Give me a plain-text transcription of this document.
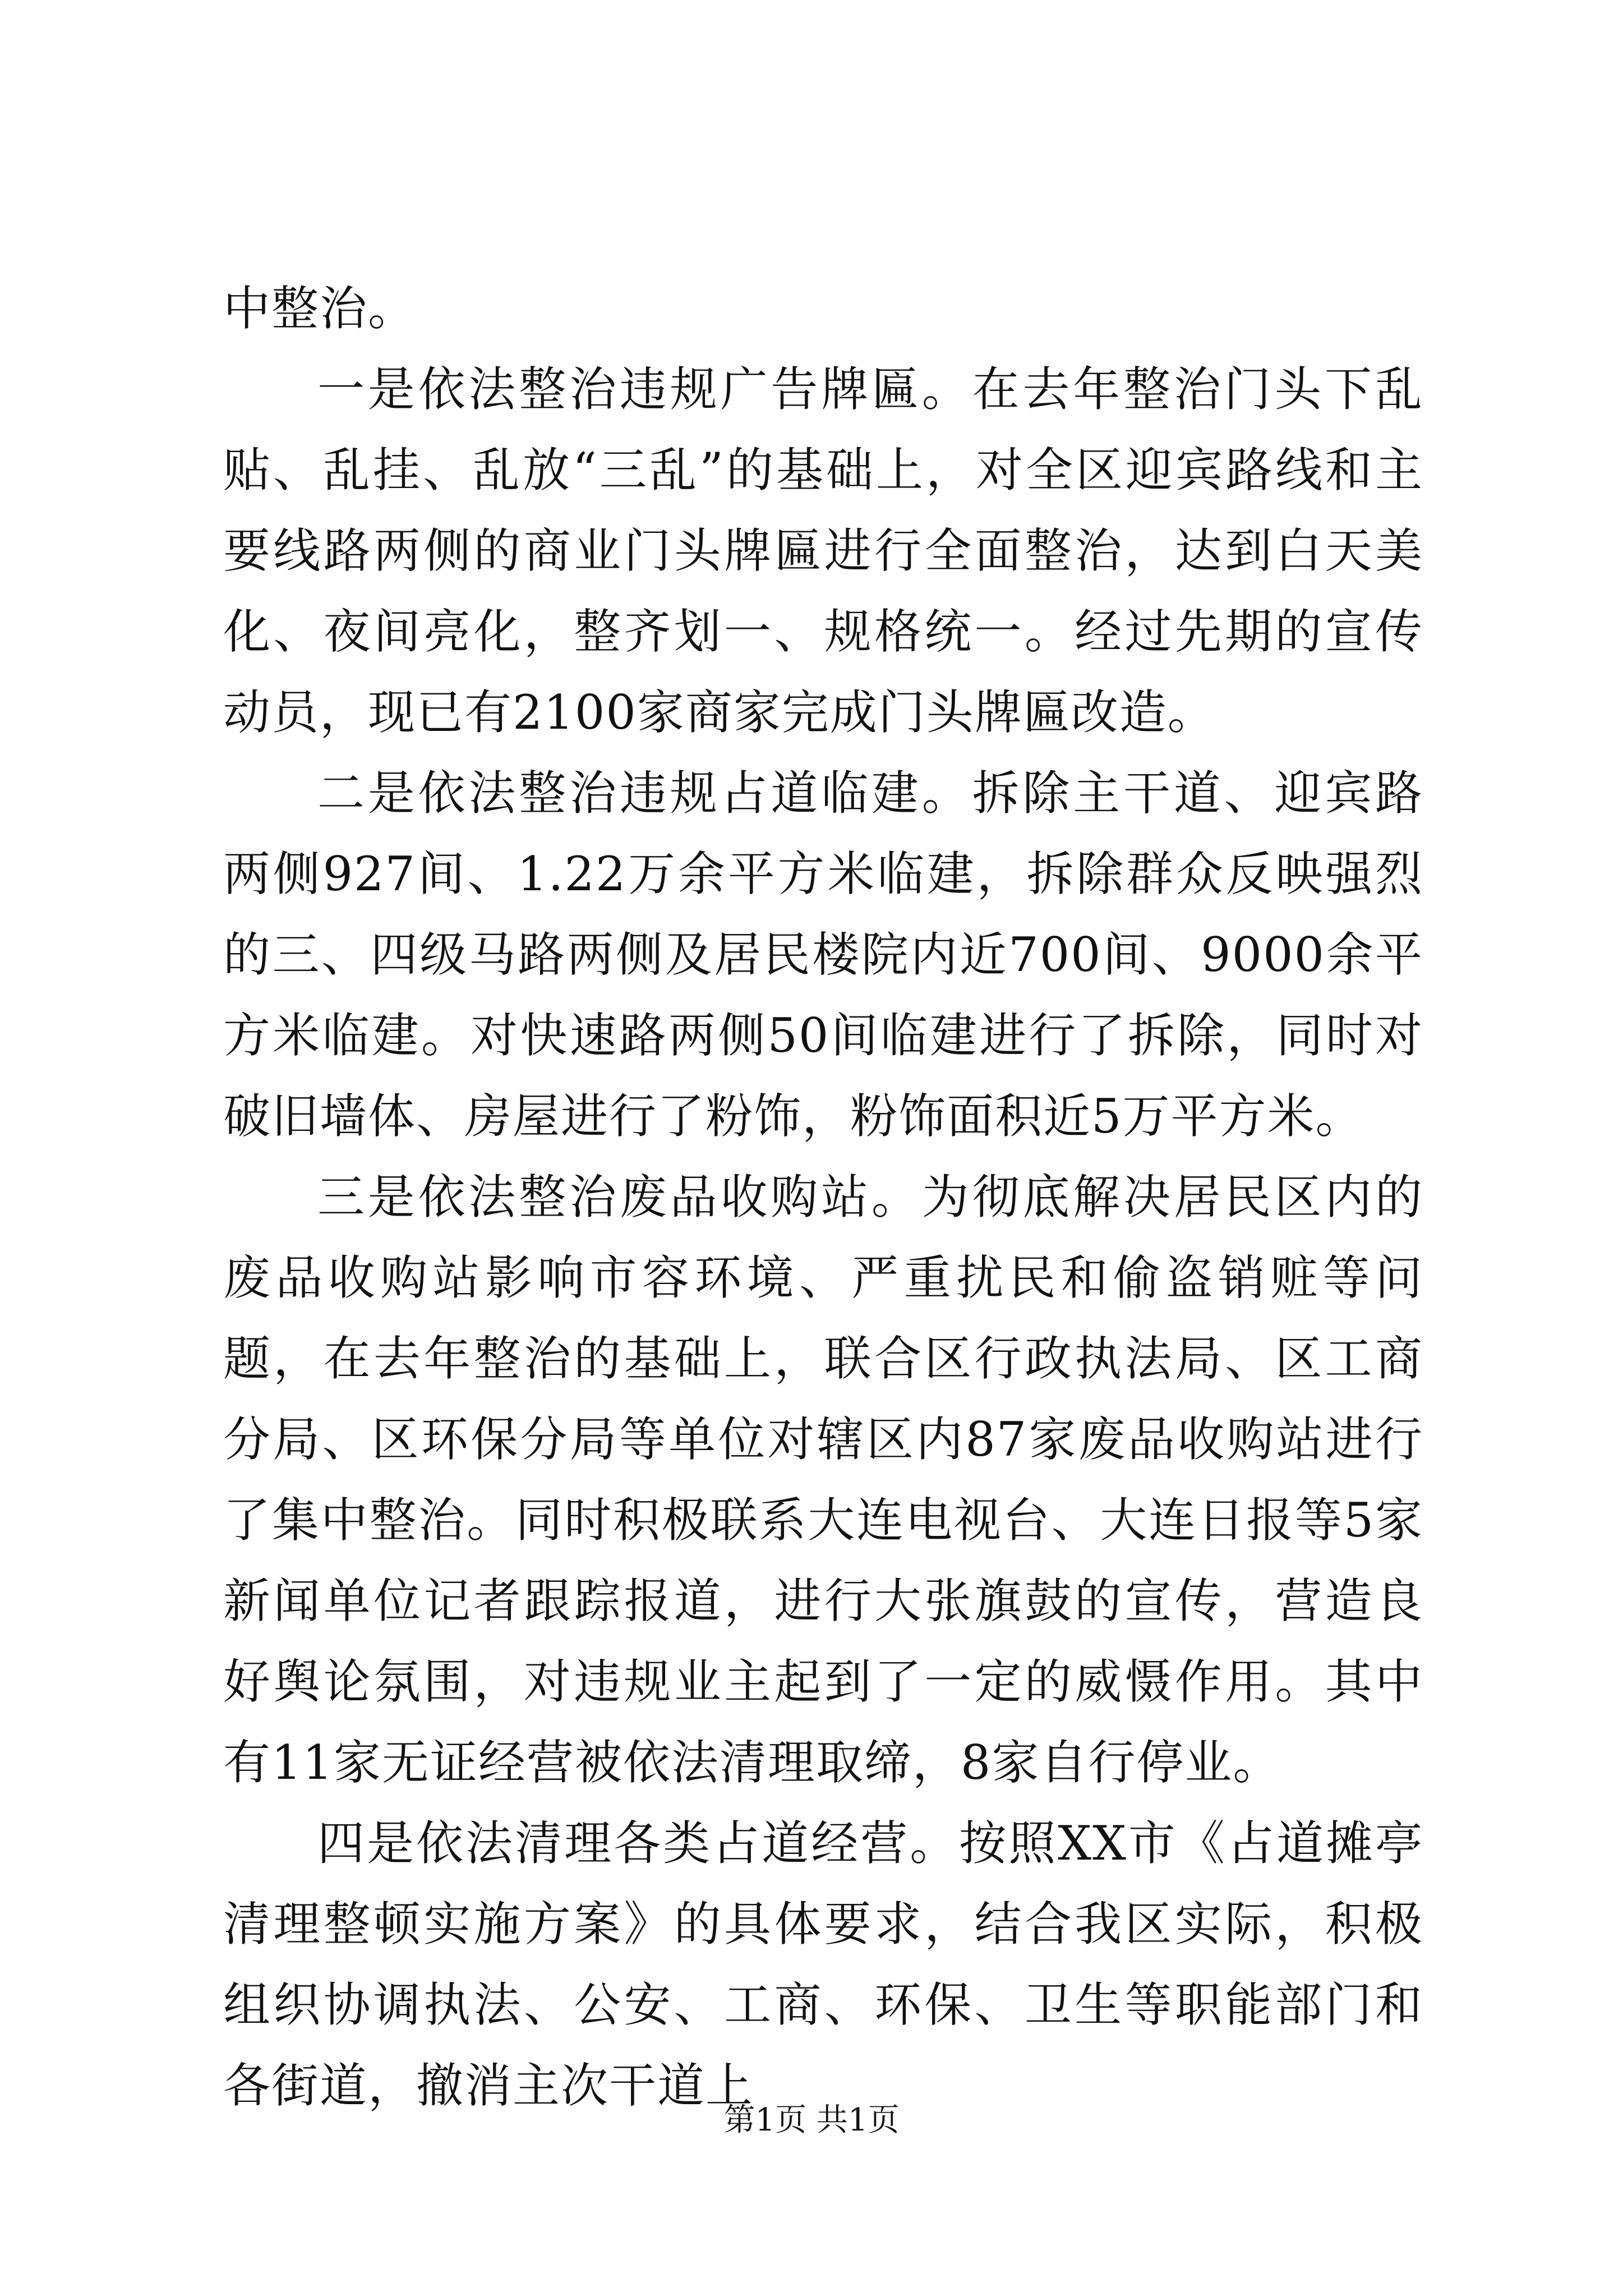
中整治。

一是依法整治违规广告牌匾。在去年整治门头下乱贴、乱挂、乱放“三乱”的基础上，对全区迎宾路线和主要线路两侧的商业门头牌匾进行全面整治，达到白天美化、夜间亮化，整齐划一、规格统一。经过先期的宣传动员，现已有2100家商家完成门头牌匾改造。

二是依法整治违规占道临建。拆除主干道、迎宾路两侧927间、1.22万余平方米临建，拆除群众反映强烈的三、四级马路两侧及居民楼院内近700间、9000余平方米临建。对快速路两侧50间临建进行了拆除，同时对破旧墙体、房屋进行了粉饰，粉饰面积近5万平方米。

三是依法整治废品收购站。为彻底解决居民区内的废品收购站影响市容环境、严重扰民和偷盗销赃等问题，在去年整治的基础上，联合区行政执法局、区工商分局、区环保分局等单位对辖区内87家废品收购站进行了集中整治。同时积极联系大连电视台、大连日报等5家新闻单位记者跟踪报道，进行大张旗鼓的宣传，营造良好舆论氛围，对违规业主起到了一定的威慑作用。其中有11家无证经营被依法清理取缔，8家自行停业。

四是依法清理各类占道经营。按照XX市《占道摊亭清理整顿实施方案》的具体要求，结合我区实际，积极组织协调执法、公安、工商、环保、卫生等职能部门和各街道，撤消主次干道上

第1页 共1页
